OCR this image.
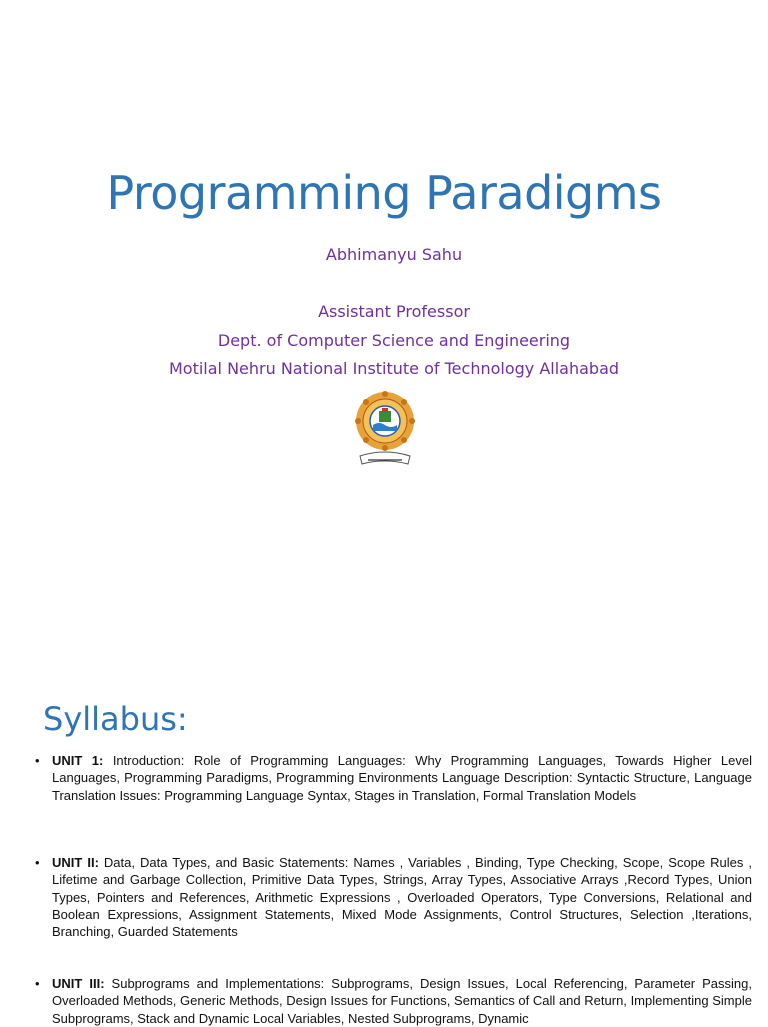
Programming Paradigms
Abhimanyu Sahu
Assistant Professor
Dept. of Computer Science and Engineering
Motilal Nehru National Institute of Technology Allahabad
Syllabus:
• UNIT 1: Introduction: Role of Programming Languages: Why Programming Languages, Towards Higher Level Languages, Programming Paradigms, Programming Environments Language Description: Syntactic Structure, Language Translation Issues: Programming Language Syntax, Stages in Translation, Formal Translation Models
• UNIT II: Data, Data Types, and Basic Statements: Names , Variables , Binding, Type Checking, Scope, Scope Rules , Lifetime and Garbage Collection, Primitive Data Types, Strings, Array Types, Associative Arrays ,Record Types, Union Types, Pointers and References, Arithmetic Expressions , Overloaded Operators, Type Conversions, Relational and Boolean Expressions, Assignment Statements, Mixed Mode Assignments, Control Structures, Selection ,Iterations, Branching, Guarded Statements
• UNIT III: Subprograms and Implementations: Subprograms, Design Issues, Local Referencing, Parameter Passing, Overloaded Methods, Generic Methods, Design Issues for Functions, Semantics of Call and Return, Implementing Simple Subprograms, Stack and Dynamic Local Variables, Nested Subprograms, Dynamic
